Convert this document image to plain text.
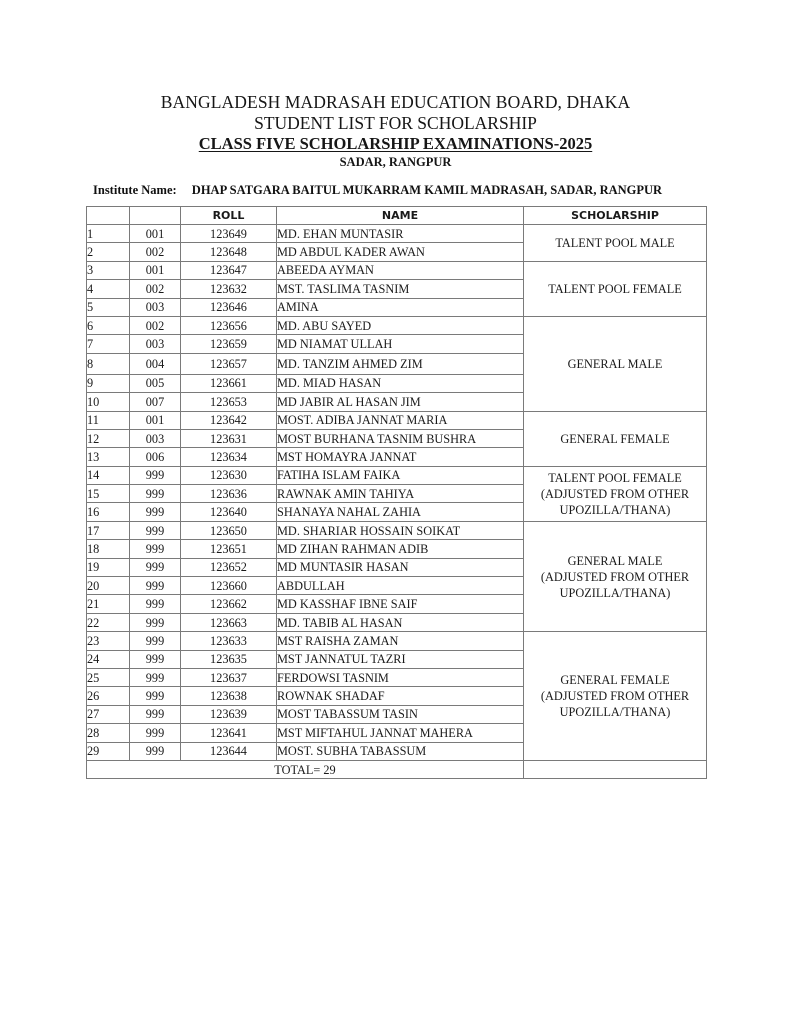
BANGLADESH MADRASAH EDUCATION BOARD, DHAKA
STUDENT LIST FOR SCHOLARSHIP
CLASS FIVE SCHOLARSHIP EXAMINATIONS-2025
SADAR, RANGPUR
Institute Name: DHAP SATGARA BAITUL MUKARRAM KAMIL MADRASAH, SADAR, RANGPUR
		ROLL	NAME	SCHOLARSHIP
1	001	123649	MD. EHAN MUNTASIR	TALENT POOL MALE
2	002	123648	MD ABDUL KADER AWAN	
3	001	123647	ABEEDA AYMAN	TALENT POOL FEMALE
4	002	123632	MST. TASLIMA TASNIM	
5	003	123646	AMINA	
6	002	123656	MD. ABU SAYED	GENERAL MALE
7	003	123659	MD NIAMAT ULLAH	
8	004	123657	MD. TANZIM AHMED ZIM	
9	005	123661	MD. MIAD HASAN	
10	007	123653	MD JABIR AL HASAN JIM	
11	001	123642	MOST. ADIBA JANNAT MARIA	GENERAL FEMALE
12	003	123631	MOST BURHANA TASNIM BUSHRA	
13	006	123634	MST HOMAYRA JANNAT	
14	999	123630	FATIHA ISLAM FAIKA	TALENT POOL FEMALE
(ADJUSTED FROM OTHER
UPOZILLA/THANA)
15	999	123636	RAWNAK AMIN TAHIYA	
16	999	123640	SHANAYA NAHAL ZAHIA	
17	999	123650	MD. SHARIAR HOSSAIN SOIKAT	GENERAL MALE
(ADJUSTED FROM OTHER
UPOZILLA/THANA)
18	999	123651	MD ZIHAN RAHMAN ADIB	
19	999	123652	MD MUNTASIR HASAN	
20	999	123660	ABDULLAH	
21	999	123662	MD KASSHAF IBNE SAIF	
22	999	123663	MD. TABIB AL HASAN	
23	999	123633	MST RAISHA ZAMAN	GENERAL FEMALE
(ADJUSTED FROM OTHER
UPOZILLA/THANA)
24	999	123635	MST JANNATUL TAZRI	
25	999	123637	FERDOWSI TASNIM	
26	999	123638	ROWNAK SHADAF	
27	999	123639	MOST TABASSUM TASIN	
28	999	123641	MST MIFTAHUL JANNAT MAHERA	
29	999	123644	MOST. SUBHA TABASSUM	
TOTAL= 29				
